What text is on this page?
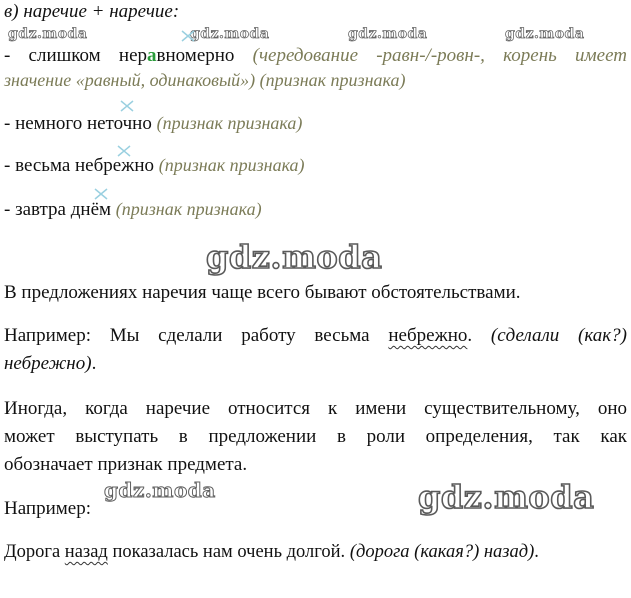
в) наречие + наречие:
gdz.moda	gdz.moda	gdz.moda	gdz.moda
- слишком неравномерно (чередование -равн-/-ровн-, корень имеет
значение «равный, одинаковый») (признак признака)
- немного неточно (признак признака)
- весьма небрежно (признак признака)
- завтра днём (признак признака)
gdz.moda
В предложениях наречия чаще всего бывают обстоятельствами.
Например: Мы сделали работу весьма небрежно. (сделали (как?)
небрежно).
Иногда, когда наречие относится к имени существительному, оно
может выступать в предложении в роли определения, так как
обозначает признак предмета.
gdz.moda	gdz.moda
Например:
Дорога назад показалась нам очень долгой. (дорога (какая?) назад).
